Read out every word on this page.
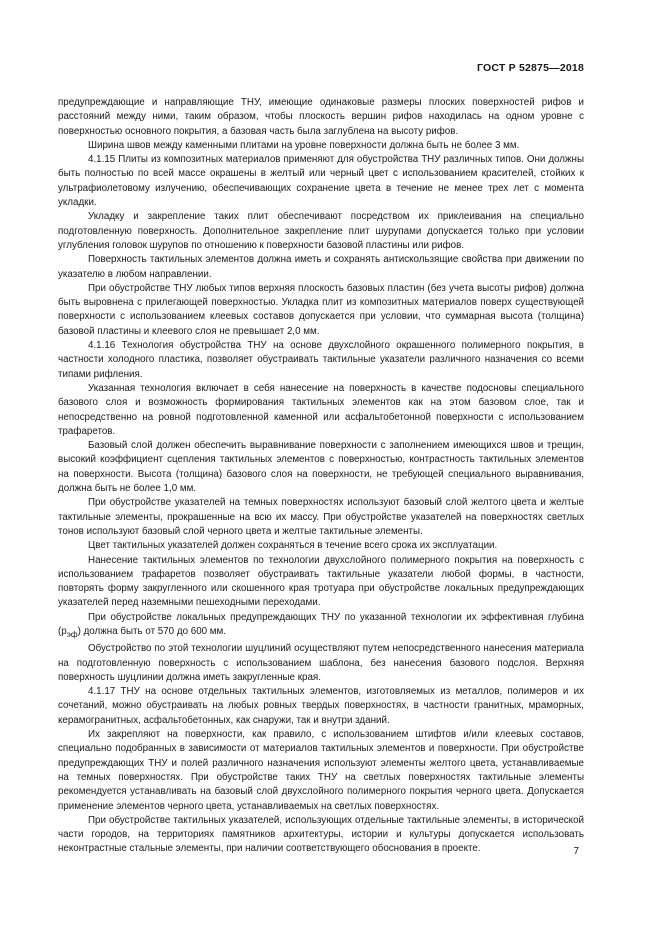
ГОСТ Р 52875—2018

предупреждающие и направляющие ТНУ, имеющие одинаковые размеры плоских поверхностей рифов и расстояний между ними, таким образом, чтобы плоскость вершин рифов находилась на одном уровне с поверхностью основного покрытия, а базовая часть была заглублена на высоту рифов.

Ширина швов между каменными плитами на уровне поверхности должна быть не более 3 мм.

4.1.15 Плиты из композитных материалов применяют для обустройства ТНУ различных типов. Они должны быть полностью по всей массе окрашены в желтый или черный цвет с использованием красителей, стойких к ультрафиолетовому излучению, обеспечивающих сохранение цвета в течение не менее трех лет с момента укладки.

Укладку и закрепление таких плит обеспечивают посредством их приклеивания на специально подготовленную поверхность. Дополнительное закрепление плит шурупами допускается только при условии углубления головок шурупов по отношению к поверхности базовой пластины или рифов.

Поверхность тактильных элементов должна иметь и сохранять антискользящие свойства при движении по указателю в любом направлении.

При обустройстве ТНУ любых типов верхняя плоскость базовых пластин (без учета высоты рифов) должна быть выровнена с прилегающей поверхностью. Укладка плит из композитных материалов поверх существующей поверхности с использованием клеевых составов допускается при условии, что суммарная высота (толщина) базовой пластины и клеевого слоя не превышает 2,0 мм.

4.1.16 Технология обустройства ТНУ на основе двухслойного окрашенного полимерного покрытия, в частности холодного пластика, позволяет обустраивать тактильные указатели различного назначения со всеми типами рифления.

Указанная технология включает в себя нанесение на поверхность в качестве подосновы специального базового слоя и возможность формирования тактильных элементов как на этом базовом слое, так и непосредственно на ровной подготовленной каменной или асфальтобетонной поверхности с использованием трафаретов.

Базовый слой должен обеспечить выравнивание поверхности с заполнением имеющихся швов и трещин, высокий коэффициент сцепления тактильных элементов с поверхностью, контрастность тактильных элементов на поверхности. Высота (толщина) базового слоя на поверхности, не требующей специального выравнивания, должна быть не более 1,0 мм.

При обустройстве указателей на темных поверхностях используют базовый слой желтого цвета и желтые тактильные элементы, прокрашенные на всю их массу. При обустройстве указателей на поверхностях светлых тонов используют базовый слой черного цвета и желтые тактильные элементы.

Цвет тактильных указателей должен сохраняться в течение всего срока их эксплуатации.

Нанесение тактильных элементов по технологии двухслойного полимерного покрытия на поверхность с использованием трафаретов позволяет обустраивать тактильные указатели любой формы, в частности, повторять форму закругленного или скошенного края тротуара при обустройстве локальных предупреждающих указателей перед наземными пешеходными переходами.

При обустройстве локальных предупреждающих ТНУ по указанной технологии их эффективная глубина $(p_{эф})$ должна быть от 570 до 600 мм.

Обустройство по этой технологии шуцлиний осуществляют путем непосредственного нанесения материала на подготовленную поверхность с использованием шаблона, без нанесения базового подслоя. Верхняя поверхность шуцлинии должна иметь закругленные края.

4.1.17 ТНУ на основе отдельных тактильных элементов, изготовляемых из металлов, полимеров и их сочетаний, можно обустраивать на любых ровных твердых поверхностях, в частности гранитных, мраморных, керамогранитных, асфальтобетонных, как снаружи, так и внутри зданий.

Их закрепляют на поверхности, как правило, с использованием штифтов и/или клеевых составов, специально подобранных в зависимости от материалов тактильных элементов и поверхности. При обустройстве предупреждающих ТНУ и полей различного назначения используют элементы желтого цвета, устанавливаемые на темных поверхностях. При обустройстве таких ТНУ на светлых поверхностях тактильные элементы рекомендуется устанавливать на базовый слой двухслойного полимерного покрытия черного цвета. Допускается применение элементов черного цвета, устанавливаемых на светлых поверхностях.

При обустройстве тактильных указателей, использующих отдельные тактильные элементы, в исторической части городов, на территориях памятников архитектуры, истории и культуры допускается использовать неконтрастные стальные элементы, при наличии соответствующего обоснования в проекте.	7
